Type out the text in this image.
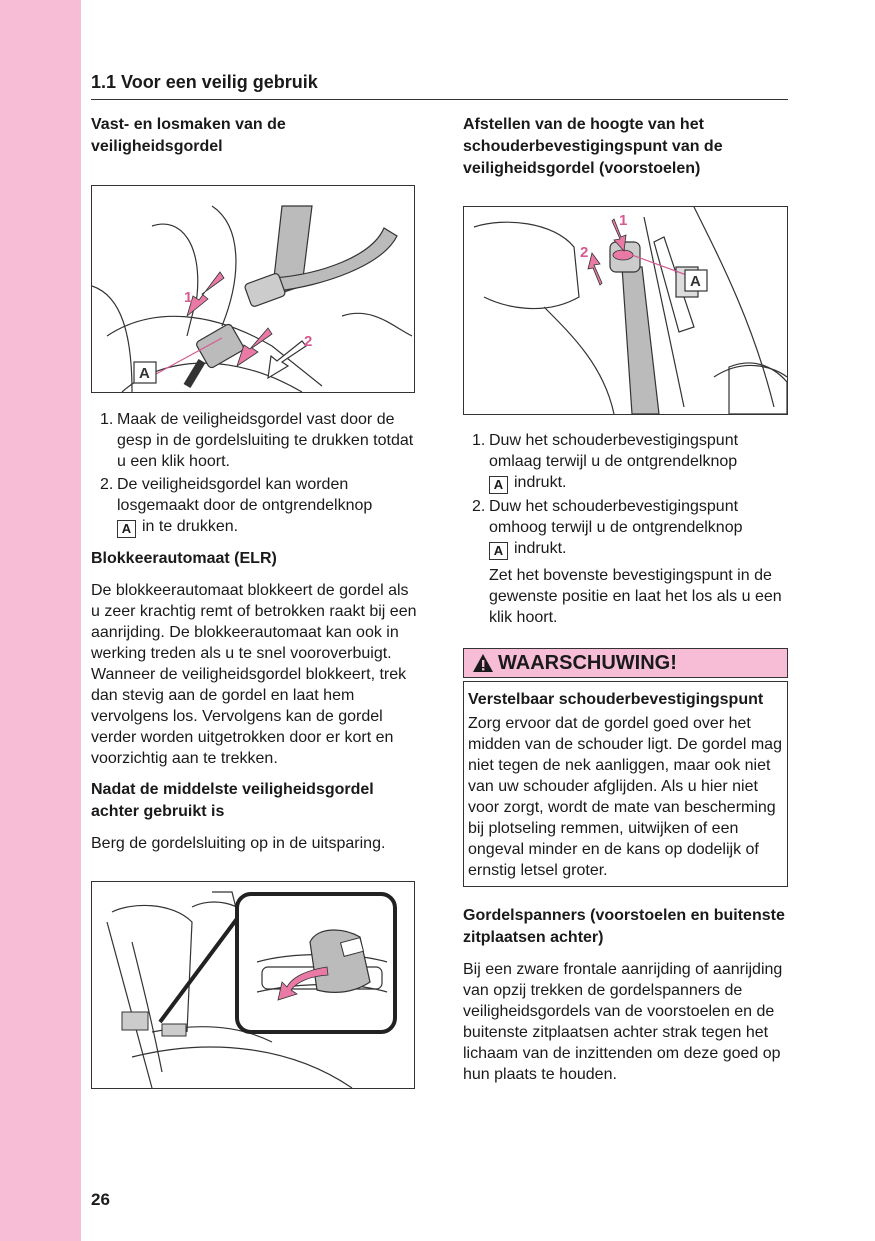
1.1 Voor een veilig gebruik

Vast- en losmaken van de veiligheidsgordel

1
2
A
1. Maak de veiligheidsgordel vast door de gesp in de gordelsluiting te drukken totdat u een klik hoort.
2. De veiligheidsgordel kan worden losgemaakt door de ontgrendelknop
A in te drukken.

Blokkeerautomaat (ELR)

De blokkeerautomaat blokkeert de gordel als u zeer krachtig remt of betrokken raakt bij een aanrijding. De blokkeerautomaat kan ook in werking treden als u te snel vooroverbuigt. Wanneer de veiligheidsgordel blokkeert, trek dan stevig aan de gordel en laat hem vervolgens los. Vervolgens kan de gordel verder worden uitgetrokken door er kort en voorzichtig aan te trekken.

Nadat de middelste veiligheidsgordel achter gebruikt is

Berg de gordelsluiting op in de uitsparing.

Afstellen van de hoogte van het schouderbevestigingspunt van de veiligheidsgordel (voorstoelen)

1
2
A
1. Duw het schouderbevestigingspunt omlaag terwijl u de ontgrendelknop
A indrukt.
2. Duw het schouderbevestigingspunt omhoog terwijl u de ontgrendelknop
A indrukt.
Zet het bovenste bevestigingspunt in de gewenste positie en laat het los als u een klik hoort.
WAARSCHUWING!

Verstelbaar schouderbevestigingspunt

Zorg ervoor dat de gordel goed over het midden van de schouder ligt. De gordel mag niet tegen de nek aanliggen, maar ook niet van uw schouder afglijden. Als u hier niet voor zorgt, wordt de mate van bescherming bij plotseling remmen, uitwijken of een ongeval minder en de kans op dodelijk of ernstig letsel groter.

Gordelspanners (voorstoelen en buitenste zitplaatsen achter)

Bij een zware frontale aanrijding of aanrijding van opzij trekken de gordelspanners de veiligheidsgordels van de voorstoelen en de buitenste zitplaatsen achter strak tegen het lichaam van de inzittenden om deze goed op hun plaats te houden.

26
